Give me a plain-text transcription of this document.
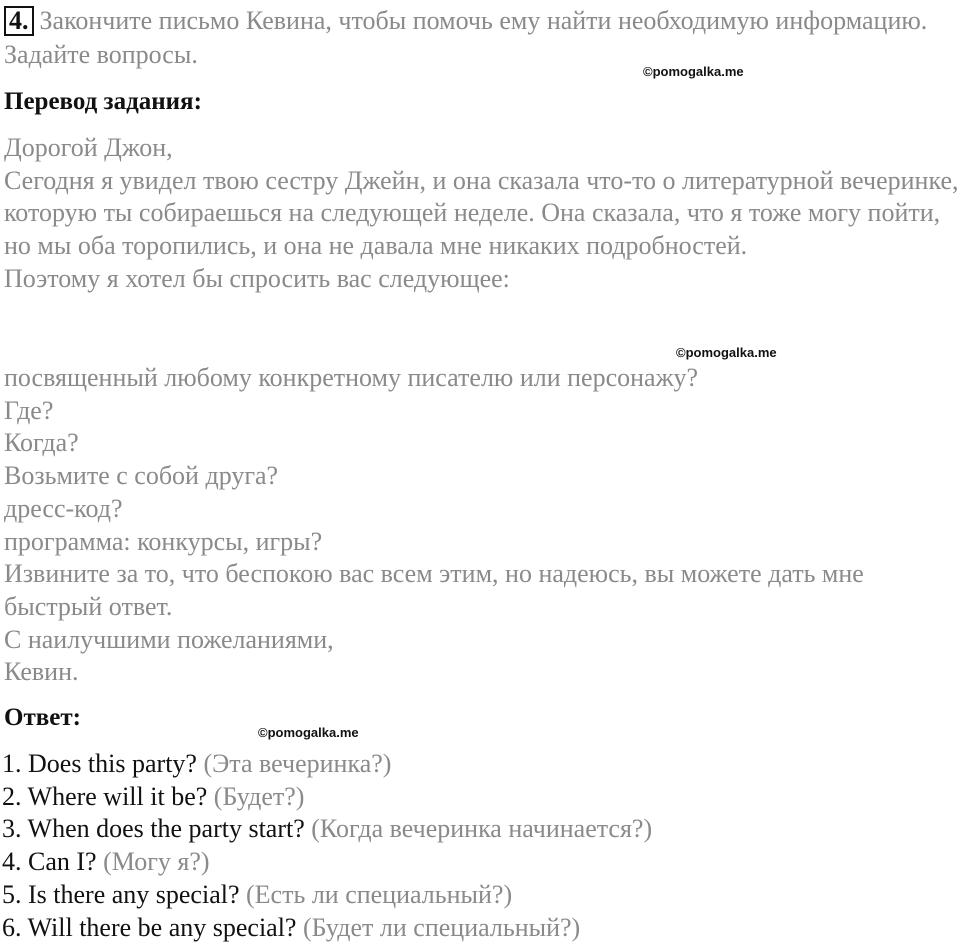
4. Закончите письмо Кевина, чтобы помочь ему найти необходимую информацию. Задайте вопросы.
©pomogalka.me
Перевод задания:

Дорогой Джон,

Сегодня я увидел твою сестру Джейн, и она сказала что-то о литературной вечеринке, которую ты собираешься на следующей неделе. Она сказала, что я тоже могу пойти, но мы оба торопились, и она не давала мне никаких подробностей.

Поэтому я хотел бы спросить вас следующее:

©pomogalka.me

посвященный любому конкретному писателю или персонажу?

Где?

Когда?

Возьмите с собой друга?

дресс-код?

программа: конкурсы, игры?

Извините за то, что беспокою вас всем этим, но надеюсь, вы можете дать мне быстрый ответ.

С наилучшими пожеланиями,

Кевин.

Ответ:
©pomogalka.me

1. Does this party? (Эта вечеринка?)

2. Where will it be? (Будет?)

3. When does the party start? (Когда вечеринка начинается?)

4. Can I? (Могу я?)

5. Is there any special? (Есть ли специальный?)

6. Will there be any special? (Будет ли специальный?)
